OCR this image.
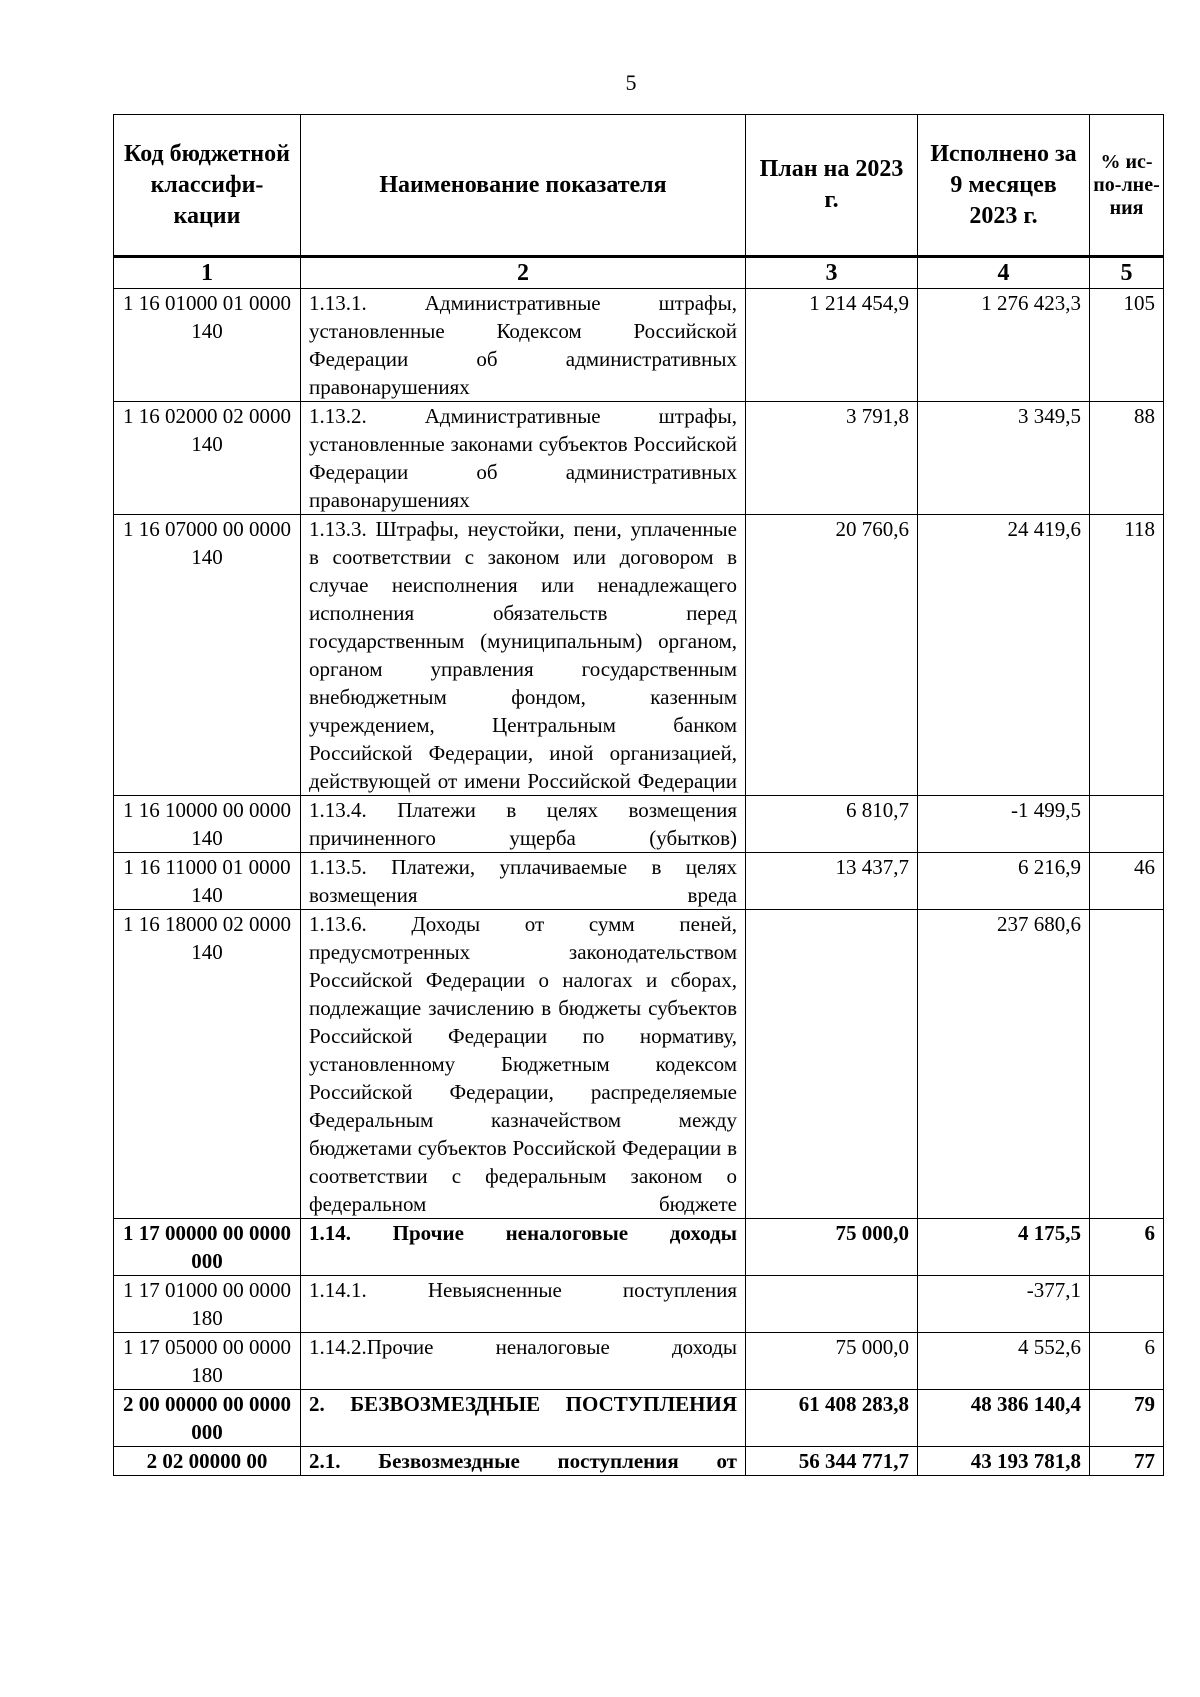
5
Код бюджетной классифи-кации	Наименование показателя	План на 2023 г.	Исполнено за 9 месяцев 2023 г.	% ис-по-лне-ния
1	2	3	4	5
1 16 01000 01 0000 140	1.13.1. Административные штрафы, установленные Кодексом Российской Федерации об административных правонарушениях	1 214 454,9	1 276 423,3	105
1 16 02000 02 0000 140	1.13.2. Административные штрафы, установленные законами субъектов Российской Федерации об административных правонарушениях	3 791,8	3 349,5	88
1 16 07000 00 0000 140	1.13.3. Штрафы, неустойки, пени, уплаченные в соответствии с законом или договором в случае неисполнения или ненадлежащего исполнения обязательств перед государственным (муниципальным) органом, органом управления государственным внебюджетным фондом, казенным учреждением, Центральным банком Российской Федерации, иной организацией, действующей от имени Российской Федерации	20 760,6	24 419,6	118
1 16 10000 00 0000 140	1.13.4. Платежи в целях возмещения причиненного ущерба (убытков)	6 810,7	-1 499,5	
1 16 11000 01 0000 140	1.13.5. Платежи, уплачиваемые в целях возмещения вреда	13 437,7	6 216,9	46
1 16 18000 02 0000 140	1.13.6. Доходы от сумм пеней, предусмотренных законодательством Российской Федерации о налогах и сборах, подлежащие зачислению в бюджеты субъектов Российской Федерации по нормативу, установленному Бюджетным кодексом Российской Федерации, распределяемые Федеральным казначейством между бюджетами субъектов Российской Федерации в соответствии с федеральным законом о федеральном бюджете		237 680,6	
1 17 00000 00 0000 000	1.14. Прочие неналоговые доходы	75 000,0	4 175,5	6
1 17 01000 00 0000 180	1.14.1. Невыясненные поступления		-377,1	
1 17 05000 00 0000 180	1.14.2.Прочие неналоговые доходы	75 000,0	4 552,6	6
2 00 00000 00 0000 000	2. БЕЗВОЗМЕЗДНЫЕ ПОСТУПЛЕНИЯ	61 408 283,8	48 386 140,4	79
2 02 00000 00	2.1. Безвозмездные поступления от	56 344 771,7	43 193 781,8	77
